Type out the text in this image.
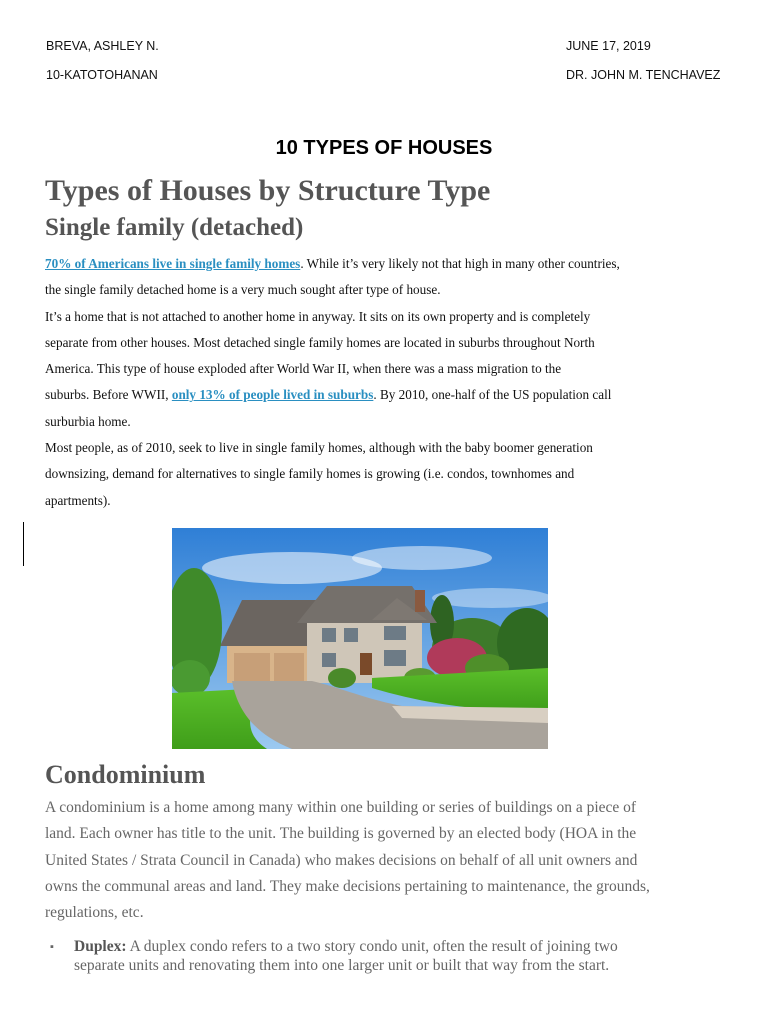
BREVA, ASHLEY N.
10-KATOTOHANAN
JUNE 17, 2019
DR. JOHN M. TENCHAVEZ
10 TYPES OF HOUSES
Types of Houses by Structure Type
Single family (detached)
70% of Americans live in single family homes. While it’s very likely not that high in many other countries,
the single family detached home is a very much sought after type of house.
It’s a home that is not attached to another home in anyway. It sits on its own property and is completely
separate from other houses. Most detached single family homes are located in suburbs throughout North
America. This type of house exploded after World War II, when there was a mass migration to the
suburbs. Before WWII, only 13% of people lived in suburbs. By 2010, one-half of the US population call
surburbia home.
Most people, as of 2010, seek to live in single family homes, although with the baby boomer generation
downsizing, demand for alternatives to single family homes is growing (i.e. condos, townhomes and
apartments).
Condominium
A condominium is a home among many within one building or series of buildings on a piece of
land. Each owner has title to the unit. The building is governed by an elected body (HOA in the
United States / Strata Council in Canada) who makes decisions on behalf of all unit owners and
owns the communal areas and land. They make decisions pertaining to maintenance, the grounds,
regulations, etc.
▪ Duplex: A duplex condo refers to a two story condo unit, often the result of joining two
separate units and renovating them into one larger unit or built that way from the start.
